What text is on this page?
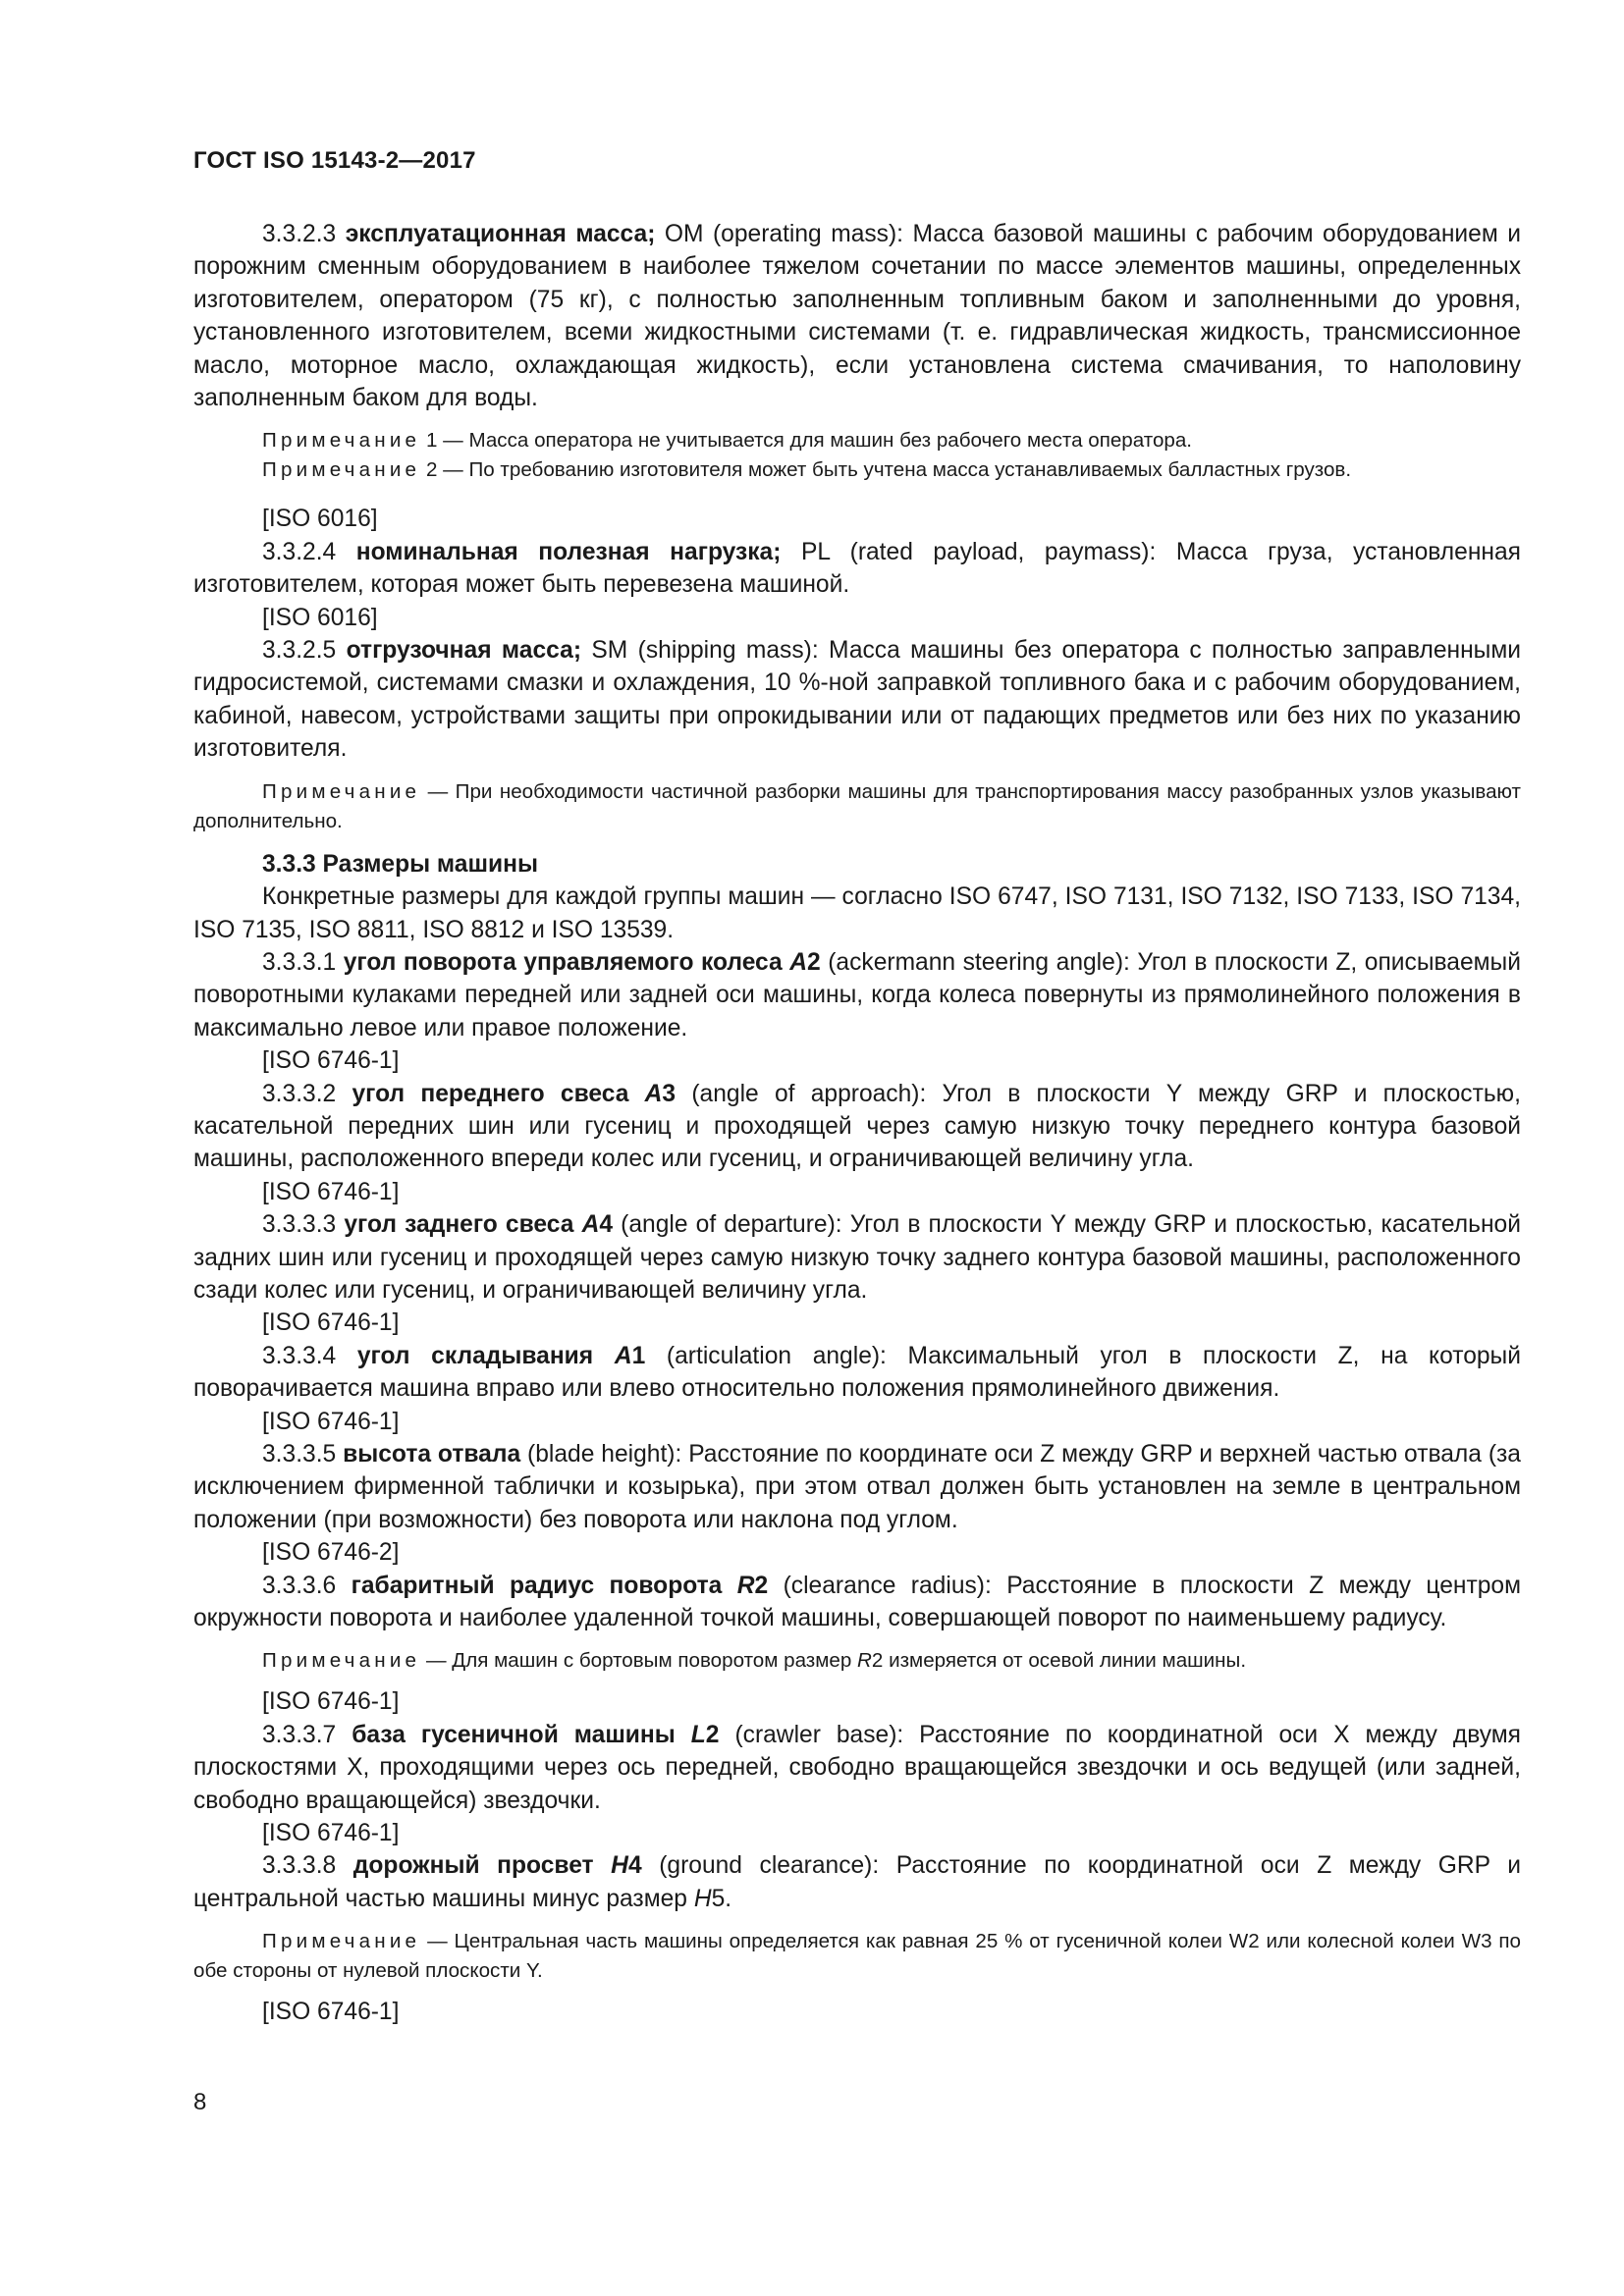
ГОСТ ISO 15143-2—2017

3.3.2.3 эксплуатационная масса; ОМ (operating mass): Масса базовой машины с рабочим оборудованием и порожним сменным оборудованием в наиболее тяжелом сочетании по массе элементов машины, определенных изготовителем, оператором (75 кг), с полностью заполненным топливным баком и заполненными до уровня, установленного изготовителем, всеми жидкостными системами (т. е. гидравлическая жидкость, трансмиссионное масло, моторное масло, охлаждающая жидкость), если установлена система смачивания, то наполовину заполненным баком для воды.

Примечание 1 — Масса оператора не учитывается для машин без рабочего места оператора.

Примечание 2 — По требованию изготовителя может быть учтена масса устанавливаемых балластных грузов.

[ISO 6016]

3.3.2.4 номинальная полезная нагрузка; PL (rated payload, paymass): Масса груза, установленная изготовителем, которая может быть перевезена машиной.

[ISO 6016]

3.3.2.5 отгрузочная масса; SM (shipping mass): Масса машины без оператора с полностью заправленными гидросистемой, системами смазки и охлаждения, 10 %-ной заправкой топливного бака и с рабочим оборудованием, кабиной, навесом, устройствами защиты при опрокидывании или от падающих предметов или без них по указанию изготовителя.

Примечание — При необходимости частичной разборки машины для транспортирования массу разобранных узлов указывают дополнительно.

3.3.3 Размеры машины

Конкретные размеры для каждой группы машин — согласно ISO 6747, ISO 7131, ISO 7132, ISO 7133, ISO 7134, ISO 7135, ISO 8811, ISO 8812 и ISO 13539.

3.3.3.1 угол поворота управляемого колеса A2 (ackermann steering angle): Угол в плоскости Z, описываемый поворотными кулаками передней или задней оси машины, когда колеса повернуты из прямолинейного положения в максимально левое или правое положение.

[ISO 6746-1]

3.3.3.2 угол переднего свеса A3 (angle of approach): Угол в плоскости Y между GRP и плоскостью, касательной передних шин или гусениц и проходящей через самую низкую точку переднего контура базовой машины, расположенного впереди колес или гусениц, и ограничивающей величину угла.

[ISO 6746-1]

3.3.3.3 угол заднего свеса A4 (angle of departure): Угол в плоскости Y между GRP и плоскостью, касательной задних шин или гусениц и проходящей через самую низкую точку заднего контура базовой машины, расположенного сзади колес или гусениц, и ограничивающей величину угла.

[ISO 6746-1]

3.3.3.4 угол складывания A1 (articulation angle): Максимальный угол в плоскости Z, на который поворачивается машина вправо или влево относительно положения прямолинейного движения.

[ISO 6746-1]

3.3.3.5 высота отвала (blade height): Расстояние по координате оси Z между GRP и верхней частью отвала (за исключением фирменной таблички и козырька), при этом отвал должен быть установлен на земле в центральном положении (при возможности) без поворота или наклона под углом.

[ISO 6746-2]

3.3.3.6 габаритный радиус поворота R2 (clearance radius): Расстояние в плоскости Z между центром окружности поворота и наиболее удаленной точкой машины, совершающей поворот по наименьшему радиусу.

Примечание — Для машин с бортовым поворотом размер R2 измеряется от осевой линии машины.

[ISO 6746-1]

3.3.3.7 база гусеничной машины L2 (crawler base): Расстояние по координатной оси X между двумя плоскостями X, проходящими через ось передней, свободно вращающейся звездочки и ось ведущей (или задней, свободно вращающейся) звездочки.

[ISO 6746-1]

3.3.3.8 дорожный просвет H4 (ground clearance): Расстояние по координатной оси Z между GRP и центральной частью машины минус размер H5.

Примечание — Центральная часть машины определяется как равная 25 % от гусеничной колеи W2 или колесной колеи W3 по обе стороны от нулевой плоскости Y.

[ISO 6746-1]

8
